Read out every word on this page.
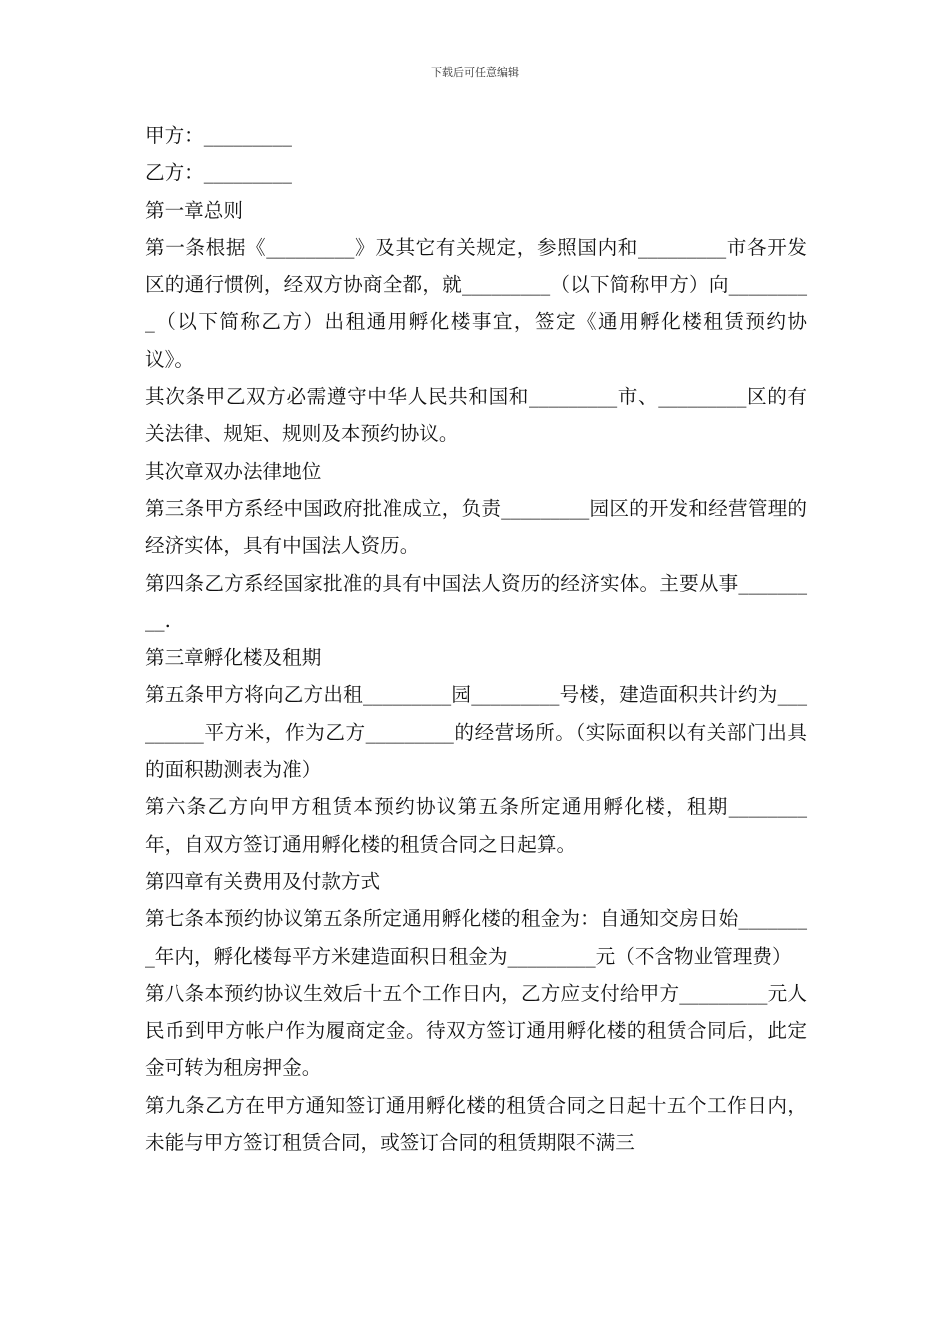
下载后可任意编辑

甲方：_________

乙方：_________

第一章总则

第一条根据《_________》及其它有关规定，参照国内和_________市各开发区的通行惯例，经双方协商全都，就_________（以下简称甲方）向_________（以下简称乙方）出租通用孵化楼事宜，签定《通用孵化楼租赁预约协议》。

其次条甲乙双方必需遵守中华人民共和国和_________市、_________区的有关法律、规矩、规则及本预约协议。

其次章双办法律地位

第三条甲方系经中国政府批准成立，负责_________园区的开发和经营管理的经济实体，具有中国法人资历。

第四条乙方系经国家批准的具有中国法人资历的经济实体。主要从事_________.

第三章孵化楼及租期

第五条甲方将向乙方出租_________园_________号楼，建造面积共计约为_________平方米，作为乙方_________的经营场所。（实际面积以有关部门出具的面积勘测表为准）

第六条乙方向甲方租赁本预约协议第五条所定通用孵化楼，租期________年，自双方签订通用孵化楼的租赁合同之日起算。

第四章有关费用及付款方式

第七条本预约协议第五条所定通用孵化楼的租金为：自通知交房日始________年内，孵化楼每平方米建造面积日租金为_________元（不含物业管理费）

第八条本预约协议生效后十五个工作日内，乙方应支付给甲方_________元人民币到甲方帐户作为履商定金。待双方签订通用孵化楼的租赁合同后，此定金可转为租房押金。

第九条乙方在甲方通知签订通用孵化楼的租赁合同之日起十五个工作日内，未能与甲方签订租赁合同，或签订合同的租赁期限不满三
